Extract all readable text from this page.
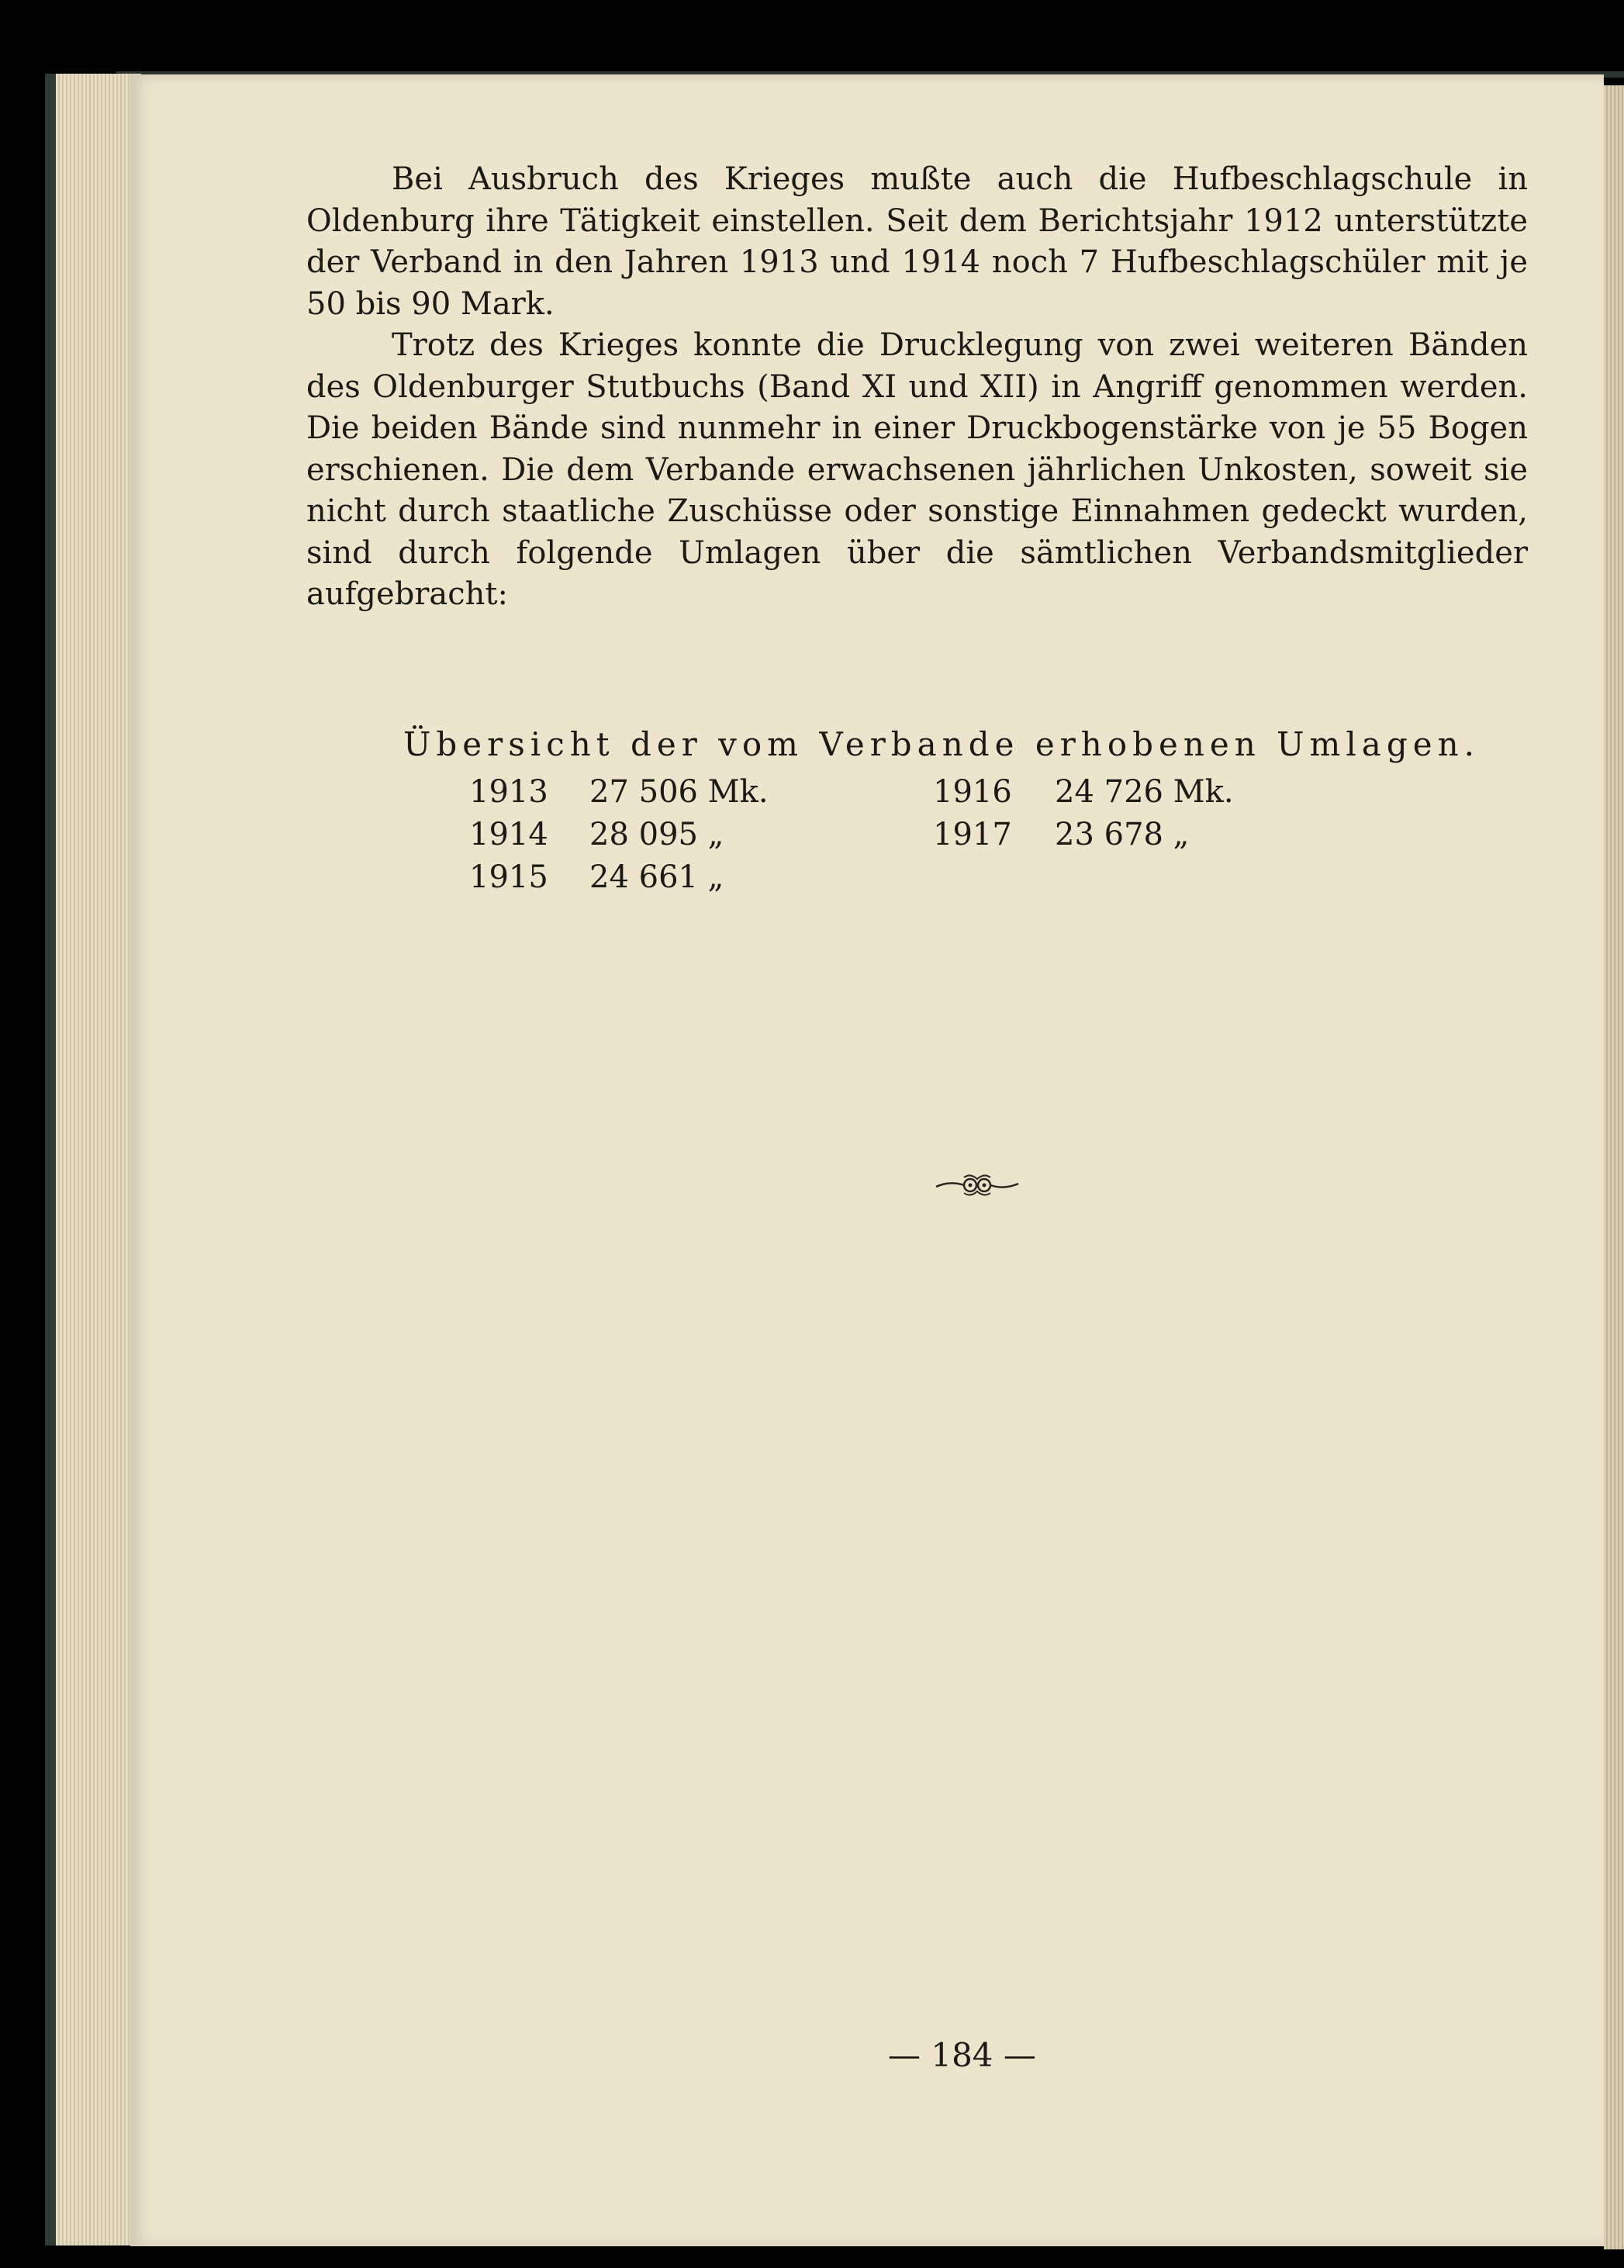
Bei Ausbruch des Krieges mußte auch die Hufbeschlagschule in Oldenburg ihre Tätigkeit einstellen. Seit dem Berichtsjahr 1912 unterstützte der Verband in den Jahren 1913 und 1914 noch 7 Hufbeschlagschüler mit je 50 bis 90 Mark.

Trotz des Krieges konnte die Drucklegung von zwei weiteren Bänden des Oldenburger Stutbuchs (Band XI und XII) in Angriff genommen werden. Die beiden Bände sind nunmehr in einer Druckbogenstärke von je 55 Bogen erschienen. Die dem Verbande erwachsenen jährlichen Unkosten, soweit sie nicht durch staatliche Zuschüsse oder sonstige Einnahmen gedeckt wurden, sind durch folgende Umlagen über die sämtlichen Verbandsmitglieder aufgebracht:

Übersicht der vom Verbande erhobenen Umlagen.
1913 27 506 Mk.	1916 24 726 Mk.
1914 28 095 „	1917 23 678 „
1915 24 661 „
— 184 —
